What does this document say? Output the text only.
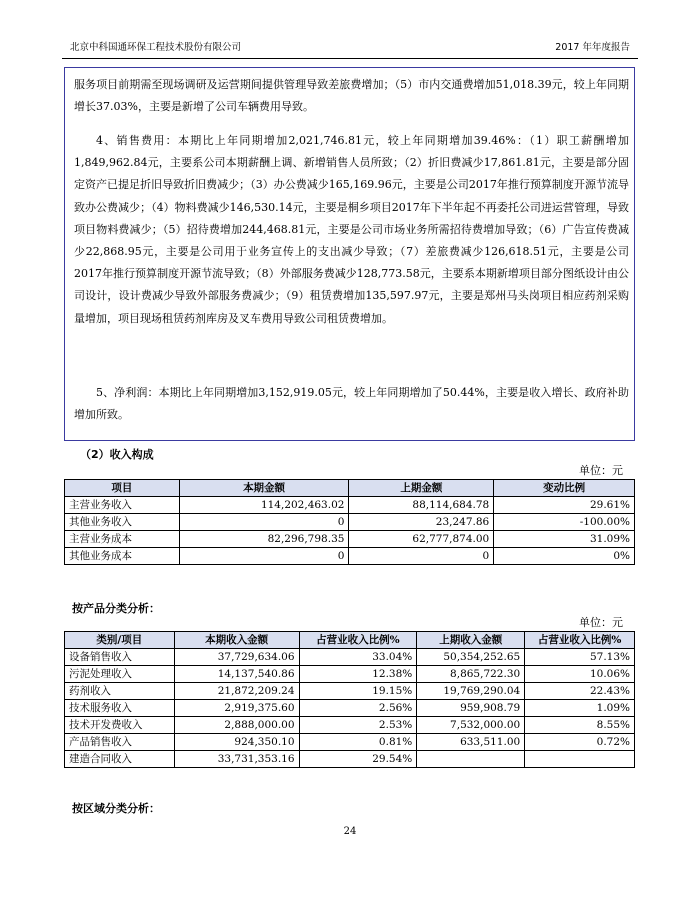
北京中科国通环保工程技术股份有限公司	2017 年年度报告
服务项目前期需至现场调研及运营期间提供管理导致差旅费增加；（5）市内交通费增加51,018.39元，较上年同期增长37.03%，主要是新增了公司车辆费用导致。
4、销售费用：本期比上年同期增加2,021,746.81元，较上年同期增加39.46%：（1）职工薪酬增加1,849,962.84元，主要系公司本期薪酬上调、新增销售人员所致；（2）折旧费减少17,861.81元，主要是部分固定资产已提足折旧导致折旧费减少；（3）办公费减少165,169.96元，主要是公司2017年推行预算制度开源节流导致办公费减少；（4）物料费减少146,530.14元，主要是桐乡项目2017年下半年起不再委托公司进运营管理，导致项目物料费减少；（5）招待费增加244,468.81元，主要是公司市场业务所需招待费增加导致；（6）广告宣传费减少22,868.95元，主要是公司用于业务宣传上的支出减少导致；（7）差旅费减少126,618.51元，主要是公司2017年推行预算制度开源节流导致；（8）外部服务费减少128,773.58元，主要系本期新增项目部分图纸设计由公司设计，设计费减少导致外部服务费减少；（9）租赁费增加135,597.97元，主要是郑州马头岗项目相应药剂采购量增加，项目现场租赁药剂库房及叉车费用导致公司租赁费增加。
5、净利润：本期比上年同期增加3,152,919.05元，较上年同期增加了50.44%，主要是收入增长、政府补助增加所致。
（2）收入构成
单位：元
项目	本期金额	上期金额	变动比例
主营业务收入	114,202,463.02	88,114,684.78	29.61%
其他业务收入	0	23,247.86	-100.00%
主营业务成本	82,296,798.35	62,777,874.00	31.09%
其他业务成本	0	0	0%
按产品分类分析：
单位：元
类别/项目	本期收入金额	占营业收入比例%	上期收入金额	占营业收入比例%
设备销售收入	37,729,634.06	33.04%	50,354,252.65	57.13%
污泥处理收入	14,137,540.86	12.38%	8,865,722.30	10.06%
药剂收入	21,872,209.24	19.15%	19,769,290.04	22.43%
技术服务收入	2,919,375.60	2.56%	959,908.79	1.09%
技术开发费收入	2,888,000.00	2.53%	7,532,000.00	8.55%
产品销售收入	924,350.10	0.81%	633,511.00	0.72%
建造合同收入	33,731,353.16	29.54%		
按区域分类分析：
24
